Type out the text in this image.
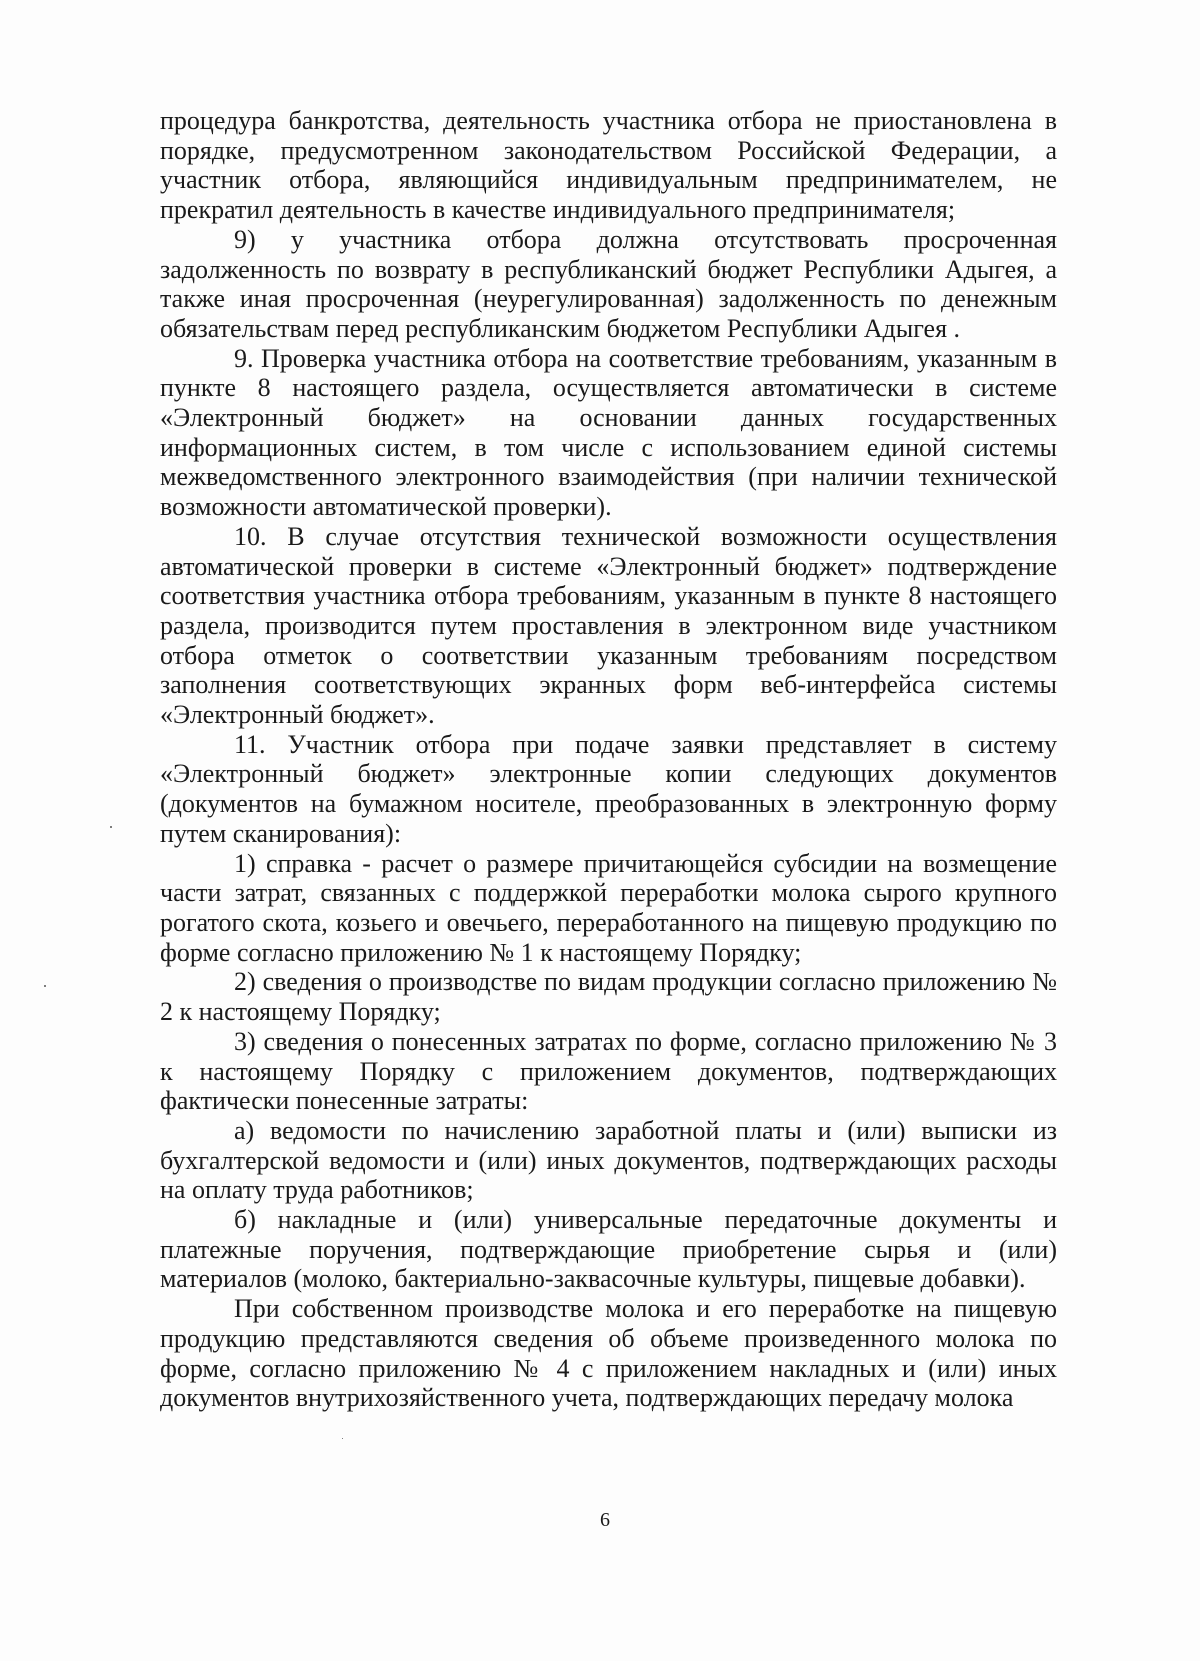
процедура банкротства, деятельность участника отбора не приостановлена в порядке, предусмотренном законодательством Российской Федерации, а участник отбора, являющийся индивидуальным предпринимателем, не прекратил деятельность в качестве индивидуального предпринимателя;

9) у участника отбора должна отсутствовать просроченная задолженность по возврату в республиканский бюджет Республики Адыгея, а также иная просроченная (неурегулированная) задолженность по денежным обязательствам перед республиканским бюджетом Республики Адыгея .

9. Проверка участника отбора на соответствие требованиям, указанным в пункте 8 настоящего раздела, осуществляется автоматически в системе «Электронный бюджет» на основании данных государственных информационных систем, в том числе с использованием единой системы межведомственного электронного взаимодействия (при наличии технической возможности автоматической проверки).

10. В случае отсутствия технической возможности осуществления автоматической проверки в системе «Электронный бюджет» подтверждение соответствия участника отбора требованиям, указанным в пункте 8 настоящего раздела, производится путем проставления в электронном виде участником отбора отметок о соответствии указанным требованиям посредством заполнения соответствующих экранных форм веб-интерфейса системы «Электронный бюджет».

11. Участник отбора при подаче заявки представляет в систему «Электронный бюджет» электронные копии следующих документов (документов на бумажном носителе, преобразованных в электронную форму путем сканирования):

1) справка - расчет о размере причитающейся субсидии на возмещение части затрат, связанных с поддержкой переработки молока сырого крупного рогатого скота, козьего и овечьего, переработанного на пищевую продукцию по форме согласно приложению № 1 к настоящему Порядку;

2) сведения о производстве по видам продукции согласно приложению № 2 к настоящему Порядку;

3) сведения о понесенных затратах по форме, согласно приложению № 3 к настоящему Порядку с приложением документов, подтверждающих фактически понесенные затраты:

а) ведомости по начислению заработной платы и (или) выписки из бухгалтерской ведомости и (или) иных документов, подтверждающих расходы на оплату труда работников;

б) накладные и (или) универсальные передаточные документы и платежные поручения, подтверждающие приобретение сырья и (или) материалов (молоко, бактериально-заквасочные культуры, пищевые добавки).

При собственном производстве молока и его переработке на пищевую продукцию представляются сведения об объеме произведенного молока по форме, согласно приложению № 4 с приложением накладных и (или) иных документов внутрихозяйственного учета, подтверждающих передачу молока

6
